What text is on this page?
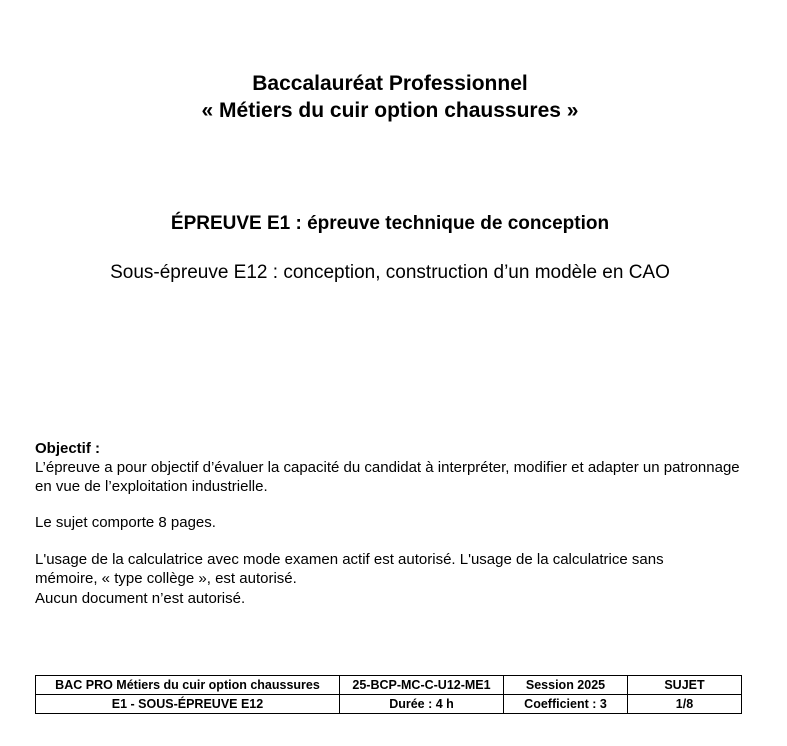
Baccalauréat Professionnel
« Métiers du cuir option chaussures »
ÉPREUVE E1 : épreuve technique de conception
Sous-épreuve E12 : conception, construction d’un modèle en CAO
Objectif :
L’épreuve a pour objectif d’évaluer la capacité du candidat à interpréter, modifier et adapter un patronnage en vue de l’exploitation industrielle.
Le sujet comporte 8 pages.
L'usage de la calculatrice avec mode examen actif est autorisé. L'usage de la calculatrice sans
mémoire, « type collège », est autorisé.
Aucun document n’est autorisé.
BAC PRO Métiers du cuir option chaussures	25-BCP-MC-C-U12-ME1	Session 2025	SUJET
E1 - SOUS-ÉPREUVE E12	Durée : 4 h	Coefficient : 3	1/8
